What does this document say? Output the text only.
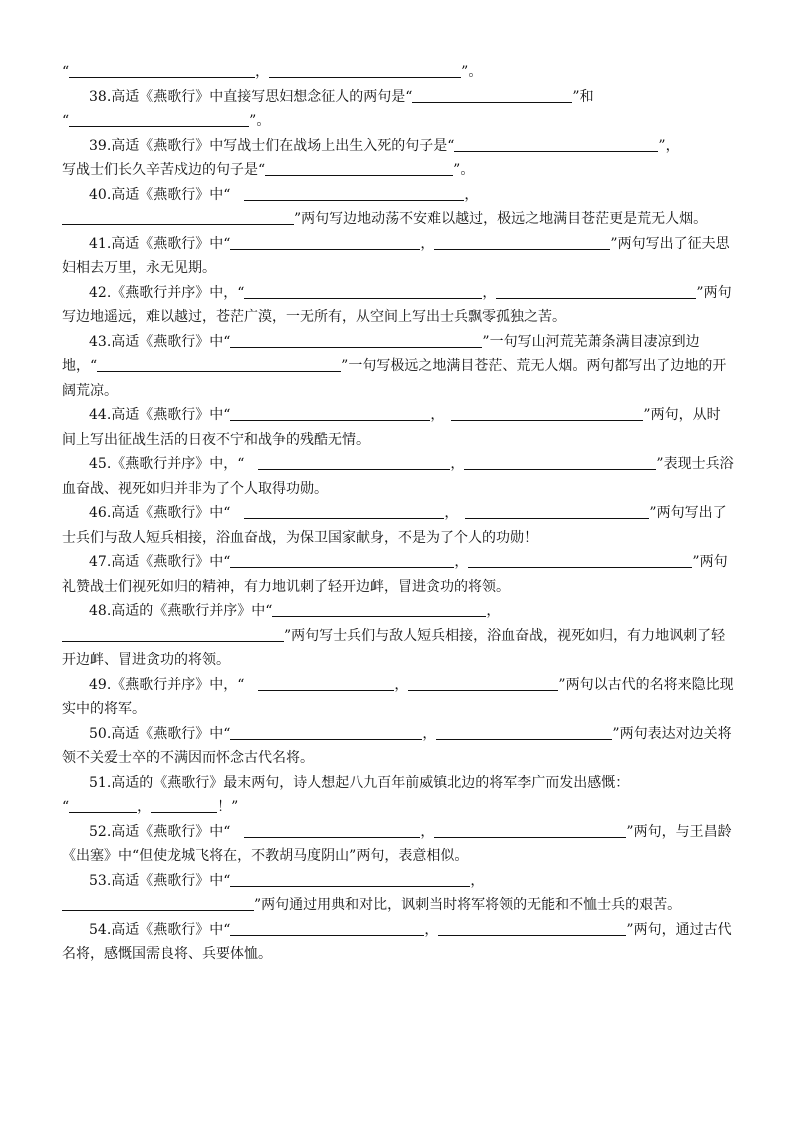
“	，	”。

38.高适《燕歌行》中直接写思妇想念征人的两句是“	”和
“	”。

39.高适《燕歌行》中写战士们在战场上出生入死的句子是“	”，
写战士们长久辛苦戍边的句子是“	”。

40.高适《燕歌行》中“　	，
”两句写边地动荡不安难以越过，极远之地满目苍茫更是荒无人烟。

41.高适《燕歌行》中“	，	”两句写出了征夫思妇相去万里，永无见期。

42.《燕歌行并序》中，“	，	”两句写边地遥远，难以越过，苍茫广漠，一无所有，从空间上写出士兵飘零孤独之苦。

43.高适《燕歌行》中“	”一句写山河荒芜萧条满目凄凉到边地，“	”一句写极远之地满目苍茫、荒无人烟。两句都写出了边地的开阔荒凉。

44.高适《燕歌行》中“	，　	”两句，从时间上写出征战生活的日夜不宁和战争的残酷无情。

45.《燕歌行并序》中，“　	，	”表现士兵浴血奋战、视死如归并非为了个人取得功勋。

46.高适《燕歌行》中“　	，　	”两句写出了士兵们与敌人短兵相接，浴血奋战，为保卫国家献身，不是为了个人的功勋！

47.高适《燕歌行》中“	，	”两句礼赞战士们视死如归的精神，有力地讥刺了轻开边衅，冒进贪功的将领。

48.高适的《燕歌行并序》中“	，
”两句写士兵们与敌人短兵相接，浴血奋战，视死如归，有力地讽刺了轻开边衅、冒进贪功的将领。

49.《燕歌行并序》中，“　	，	”两句以古代的名将来隐比现实中的将军。

50.高适《燕歌行》中“	，	”两句表达对边关将领不关爱士卒的不满因而怀念古代名将。

51.高适的《燕歌行》最末两句，诗人想起八九百年前威镇北边的将军李广而发出感慨：
“	，	！”

52.高适《燕歌行》中“　	，	”两句，与王昌龄《出塞》中“但使龙城飞将在，不教胡马度阴山”两句，表意相似。

53.高适《燕歌行》中“	，
”两句通过用典和对比，讽刺当时将军将领的无能和不恤士兵的艰苦。

54.高适《燕歌行》中“	，	”两句，通过古代名将，感慨国需良将、兵要体恤。
